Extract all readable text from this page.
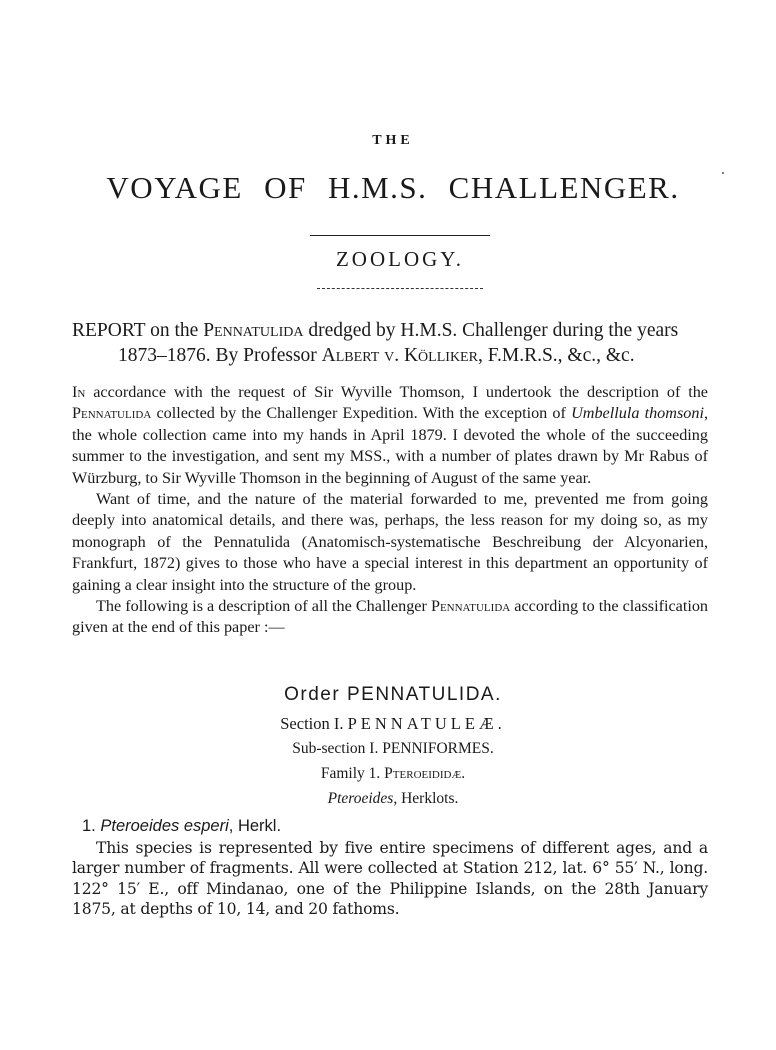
THE
VOYAGE OF H.M.S. CHALLENGER.
ZOOLOGY.
REPORT on the Pennatulida dredged by H.M.S. Challenger during the years
1873–1876. By Professor Albert v. Kölliker, F.M.R.S., &c., &c.

In accordance with the request of Sir Wyville Thomson, I undertook the description of the Pennatulida collected by the Challenger Expedition. With the exception of Umbellula thomsoni, the whole collection came into my hands in April 1879. I devoted the whole of the succeeding summer to the investigation, and sent my MSS., with a number of plates drawn by Mr Rabus of Würzburg, to Sir Wyville Thomson in the beginning of August of the same year.

Want of time, and the nature of the material forwarded to me, prevented me from going deeply into anatomical details, and there was, perhaps, the less reason for my doing so, as my monograph of the Pennatulida (Anatomisch-systematische Beschreibung der Alcyonarien, Frankfurt, 1872) gives to those who have a special interest in this department an opportunity of gaining a clear insight into the structure of the group.

The following is a description of all the Challenger Pennatulida according to the classification given at the end of this paper :—

Order PENNATULIDA.
Section I. PENNATULEÆ.
Sub-section I. PENNIFORMES.
Family 1. Pteroeididæ.
Pteroeides, Herklots.
1. Pteroeides esperi, Herkl.

This species is represented by five entire specimens of different ages, and a larger number of fragments. All were collected at Station 212, lat. 6° 55′ N., long. 122° 15′ E., off Mindanao, one of the Philippine Islands, on the 28th January 1875, at depths of 10, 14, and 20 fathoms.
